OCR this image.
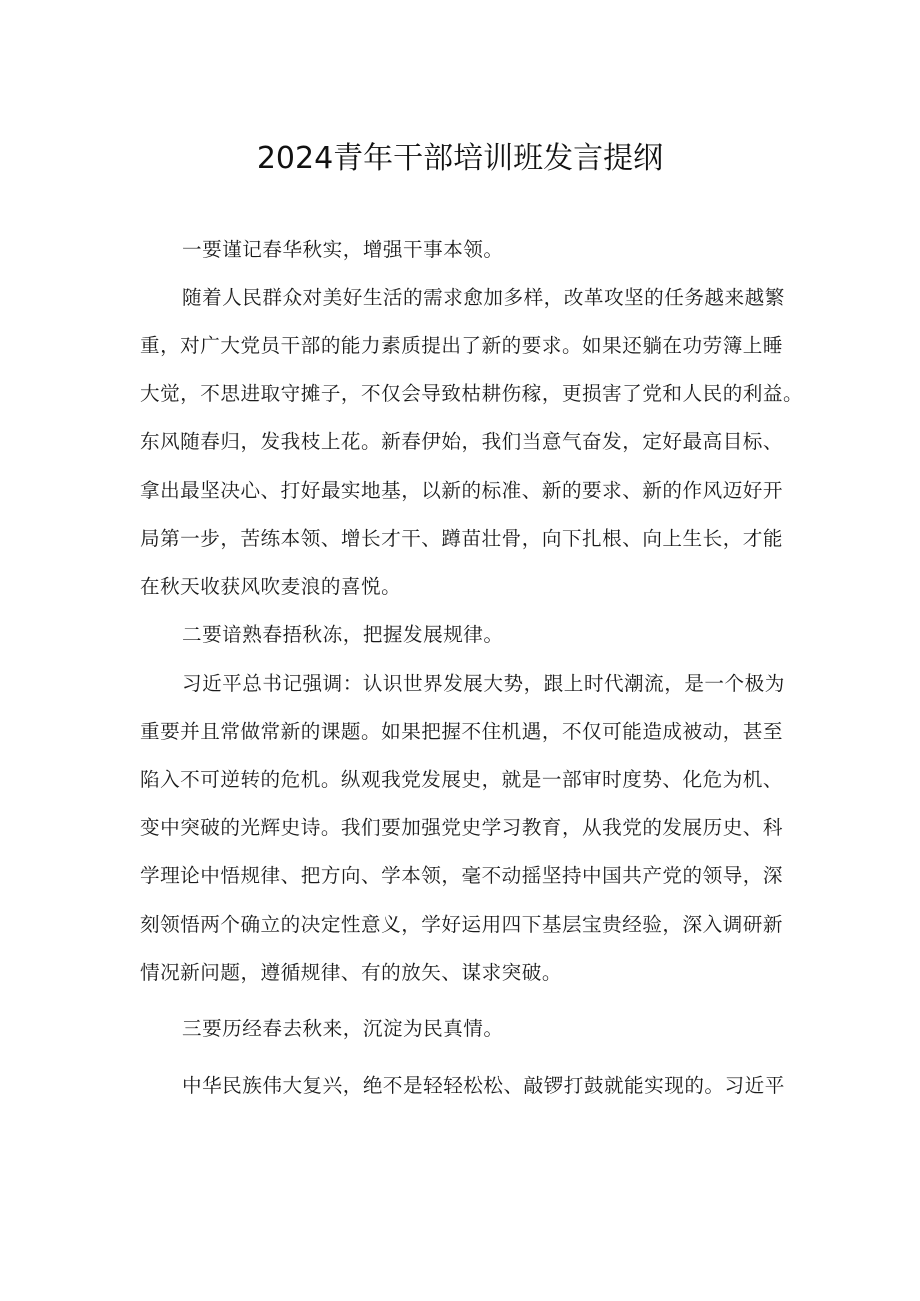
2024青年干部培训班发言提纲
一要谨记春华秋实，增强干事本领。
随着人民群众对美好生活的需求愈加多样，改革攻坚的任务越来越繁
重，对广大党员干部的能力素质提出了新的要求。如果还躺在功劳簿上睡
大觉，不思进取守摊子，不仅会导致枯耕伤稼，更损害了党和人民的利益。
东风随春归，发我枝上花。新春伊始，我们当意气奋发，定好最高目标、
拿出最坚决心、打好最实地基，以新的标准、新的要求、新的作风迈好开
局第一步，苦练本领、增长才干、蹲苗壮骨，向下扎根、向上生长，才能
在秋天收获风吹麦浪的喜悦。
二要谙熟春捂秋冻，把握发展规律。
习近平总书记强调：认识世界发展大势，跟上时代潮流，是一个极为
重要并且常做常新的课题。如果把握不住机遇，不仅可能造成被动，甚至
陷入不可逆转的危机。纵观我党发展史，就是一部审时度势、化危为机、
变中突破的光辉史诗。我们要加强党史学习教育，从我党的发展历史、科
学理论中悟规律、把方向、学本领，毫不动摇坚持中国共产党的领导，深
刻领悟两个确立的决定性意义，学好运用四下基层宝贵经验，深入调研新
情况新问题，遵循规律、有的放矢、谋求突破。
三要历经春去秋来，沉淀为民真情。
中华民族伟大复兴，绝不是轻轻松松、敲锣打鼓就能实现的。习近平
